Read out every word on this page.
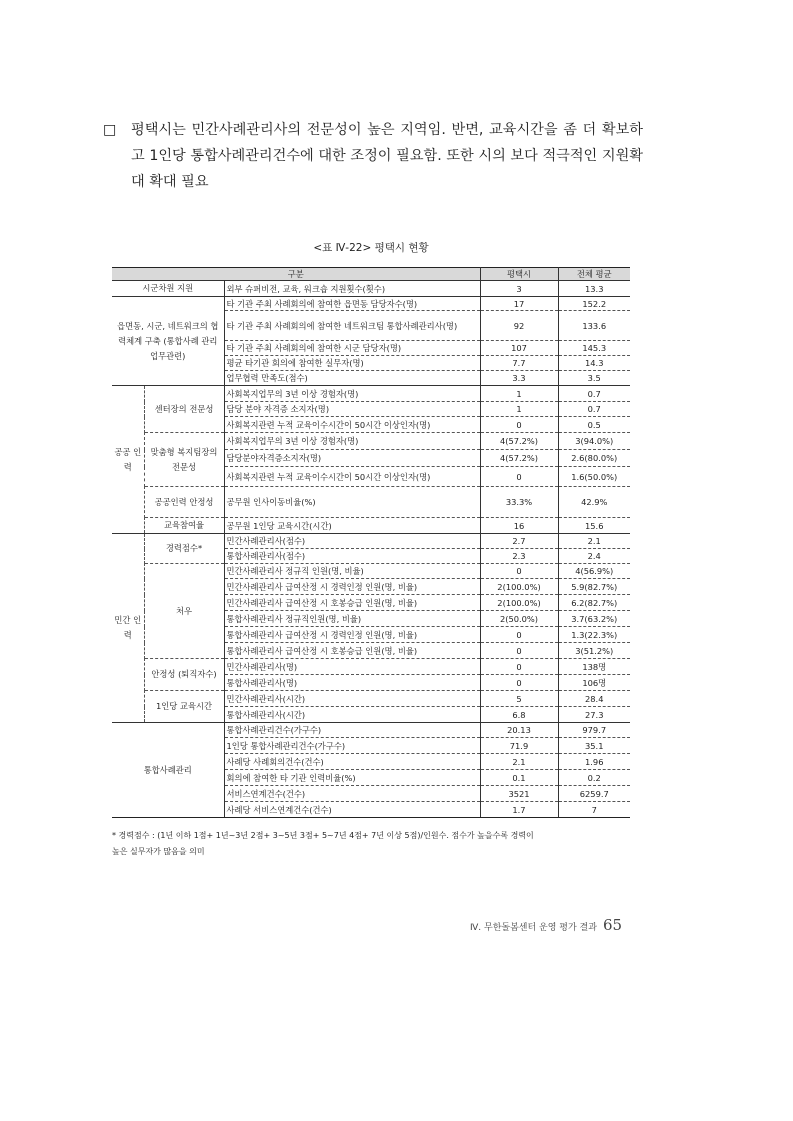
□	평택시는 민간사례관리사의 전문성이 높은 지역임. 반면, 교육시간을 좀 더 확보하고 1인당 통합사례관리건수에 대한 조정이 필요함. 또한 시의 보다 적극적인 지원확대 확대 필요
<표 Ⅳ-22> 평택시 현황
구분			평택시	전체 평균
시군차원 지원		외부 슈퍼비전, 교육, 워크숍 지원횟수(횟수)	3	13.3
읍면동, 시군, 네트워크의 협력체계 구축 (통합사례 관리 업무관련)		타 기관 주최 사례회의에 참여한 읍면동 담당자수(명)	17	152.2
		타 기관 주최 사례회의에 참여한 네트워크팀 통합사례관리사(명)	92	133.6
		타 기관 주최 사례회의에 참여한 시군 담당자(명)	107	145.3
		평균 타기관 회의에 참여한 실무자(명)	7.7	14.3
		업무협력 만족도(점수)	3.3	3.5
공공 인력	센터장의 전문성	사회복지업무의 3년 이상 경험자(명)	1	0.7
		담당 분야 자격증 소지자(명)	1	0.7
		사회복지관련 누적 교육이수시간이 50시간 이상인자(명)	0	0.5
	맞춤형 복지팀장의 전문성	사회복지업무의 3년 이상 경험자(명)	4(57.2%)	3(94.0%)
		담당분야자격증소지자(명)	4(57.2%)	2.6(80.0%)
		사회복지관련 누적 교육이수시간이 50시간 이상인자(명)	0	1.6(50.0%)
	공공인력 안정성	공무원 인사이동비율(%)	33.3%	42.9%
	교육참여율	공무원 1인당 교육시간(시간)	16	15.6
민간 인력	경력점수*	민간사례관리사(점수)	2.7	2.1
		통합사례관리사(점수)	2.3	2.4
	처우	민간사례관리사 정규직 인원(명, 비율)	0	4(56.9%)
		민간사례관리사 급여산정 시 경력인정 인원(명, 비율)	2(100.0%)	5.9(82.7%)
		민간사례관리사 급여산정 시 호봉승급 인원(명, 비율)	2(100.0%)	6.2(82.7%)
		통합사례관리사 정규직인원(명, 비율)	2(50.0%)	3.7(63.2%)
		통합사례관리사 급여산정 시 경력인정 인원(명, 비율)	0	1.3(22.3%)
		통합사례관리사 급여산정 시 호봉승급 인원(명, 비율)	0	3(51.2%)
	안정성 (퇴직자수)	민간사례관리사(명)	0	138명
		통합사례관리사(명)	0	106명
	1인당 교육시간	민간사례관리사(시간)	5	28.4
		통합사례관리사(시간)	6.8	27.3
통합사례관리		통합사례관리건수(가구수)	20.13	979.7
		1인당 통합사례관리건수(가구수)	71.9	35.1
		사례당 사례회의건수(건수)	2.1	1.96
		회의에 참여한 타 기관 인력비율(%)	0.1	0.2
		서비스연계건수(건수)	3521	6259.7
		사례당 서비스연계건수(건수)	1.7	7
* 경력점수 : (1년 이하 1점+ 1년~3년 2점+ 3~5년 3점+ 5~7년 4점+ 7년 이상 5점)/인원수. 점수가 높을수록 경력이
높은 실무자가 많음을 의미
Ⅳ. 무한돌봄센터 운영 평가 결과 65
